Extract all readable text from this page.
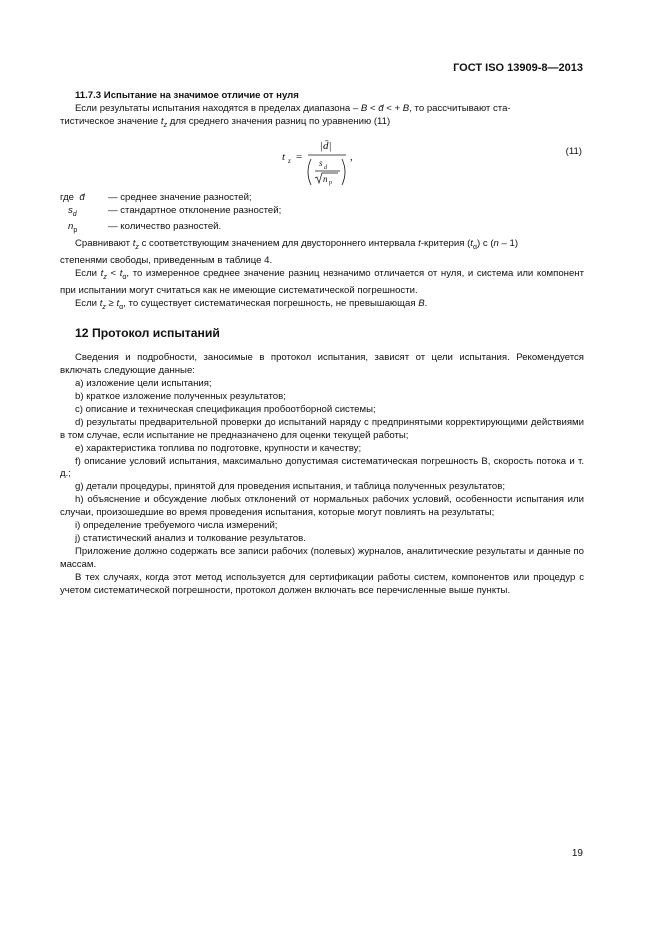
ГОСТ ISO 13909-8—2013

11.7.3 Испытание на значимое отличие от нуля

Если результаты испытания находятся в пределах диапазона – B < d̄ < + B, то рассчитывают ста-
тистическое значение $t_z$ для среднего значения разниц по уравнению (11)

t z =
|d̄|
s d
n p
,	(11)
где d̄	— среднее значение разностей;
$s_d$	— стандартное отклонение разностей;
$n_p$	— количество разностей.

Сравнивают $t_z$ с соответствующим значением для двустороннего интервала t-критерия $(t_\alpha)$ с (n – 1)
степенями свободы, приведенным в таблице 4.

Если $t_z < t_\alpha$, то измеренное среднее значение разниц незначимо отличается от нуля, и система или компонент при испытании могут считаться как не имеющие систематической погрешности.

Если $t_z \ge t_\alpha$, то существует систематическая погрешность, не превышающая B.

12 Протокол испытаний

Сведения и подробности, заносимые в протокол испытания, зависят от цели испытания. Рекомендуется включать следующие данные:

a) изложение цели испытания;

b) краткое изложение полученных результатов;

c) описание и техническая спецификация пробоотборной системы;

d) результаты предварительной проверки до испытаний наряду с предпринятыми корректирующими действиями в том случае, если испытание не предназначено для оценки текущей работы;

e) характеристика топлива по подготовке, крупности и качеству;

f) описание условий испытания, максимально допустимая систематическая погрешность B, скорость потока и т. д.;

g) детали процедуры, принятой для проведения испытания, и таблица полученных результатов;

h) объяснение и обсуждение любых отклонений от нормальных рабочих условий, особенности испытания или случаи, произошедшие во время проведения испытания, которые могут повлиять на результаты;

i) определение требуемого числа измерений;

j) статистический анализ и толкование результатов.

Приложение должно содержать все записи рабочих (полевых) журналов, аналитические результаты и данные по массам.

В тех случаях, когда этот метод используется для сертификации работы систем, компонентов или процедур с учетом систематической погрешности, протокол должен включать все перечисленные выше пункты.

19
